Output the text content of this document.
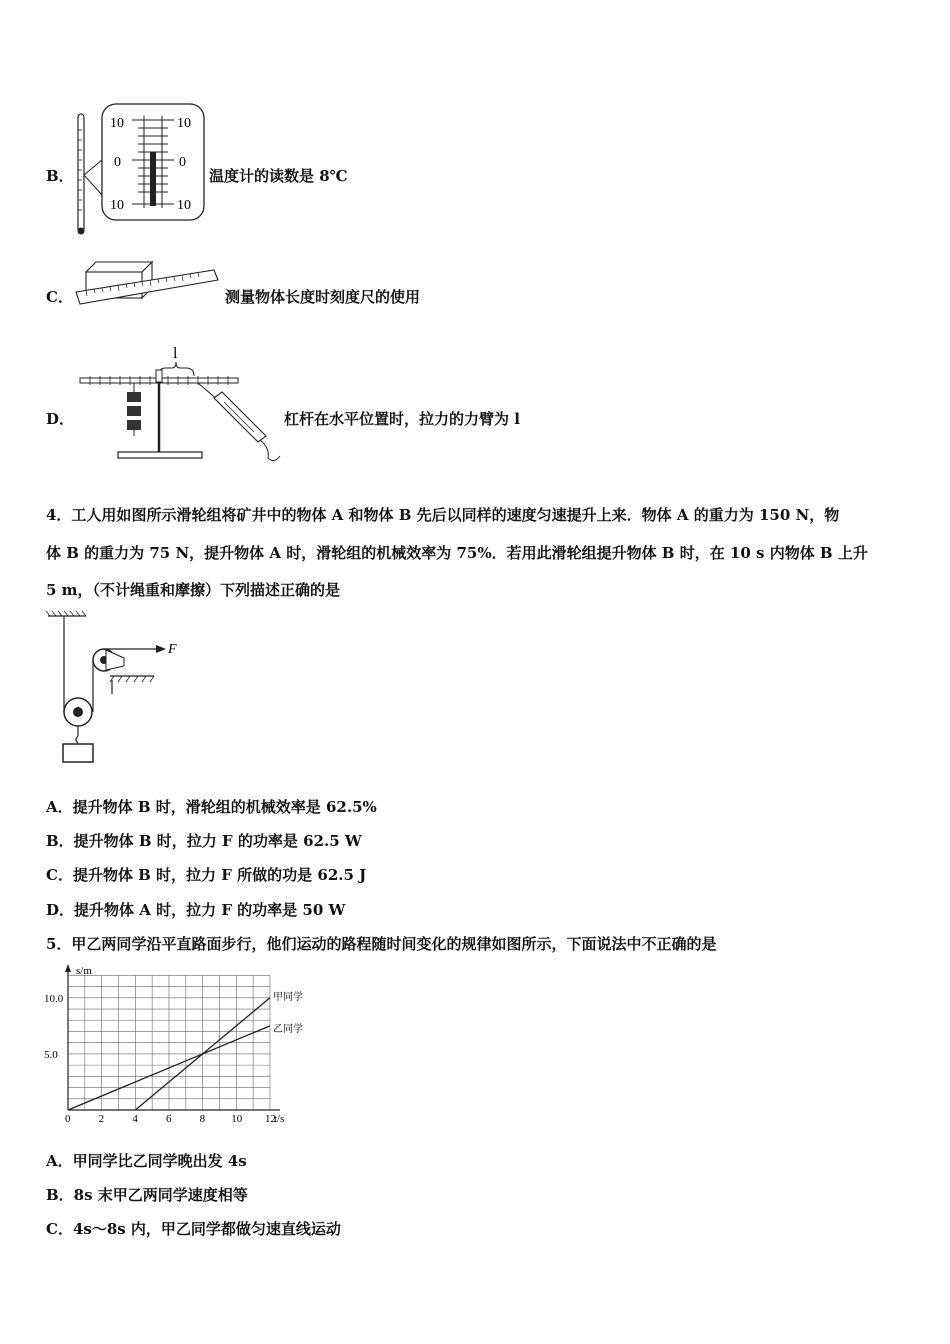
B．
10	10
0	0
10	10
温度计的读数是 8℃
C．	测量物体长度时刻度尺的使用
D．
l
杠杆在水平位置时，拉力的力臂为 l
4．工人用如图所示滑轮组将矿井中的物体 A 和物体 B 先后以同样的速度匀速提升上来．物体 A 的重力为 150 N，物
体 B 的重力为 75 N，提升物体 A 时，滑轮组的机械效率为 75%．若用此滑轮组提升物体 B 时，在 10 s 内物体 B 上升
5 m，（不计绳重和摩擦）下列描述正确的是
F
A．提升物体 B 时，滑轮组的机械效率是 62.5%
B．提升物体 B 时，拉力 F 的功率是 62.5 W
C．提升物体 B 时，拉力 F 所做的功是 62.5 J
D．提升物体 A 时，拉力 F 的功率是 50 W
5．甲乙两同学沿平直路面步行，他们运动的路程随时间变化的规律如图所示，下面说法中不正确的是
s/m
t/s
甲同学
乙同学
0	2	4	6	8 10 12
5.0
10.0
A．甲同学比乙同学晚出发 4s
B．8s 末甲乙两同学速度相等
C．4s～8s 内，甲乙同学都做匀速直线运动
